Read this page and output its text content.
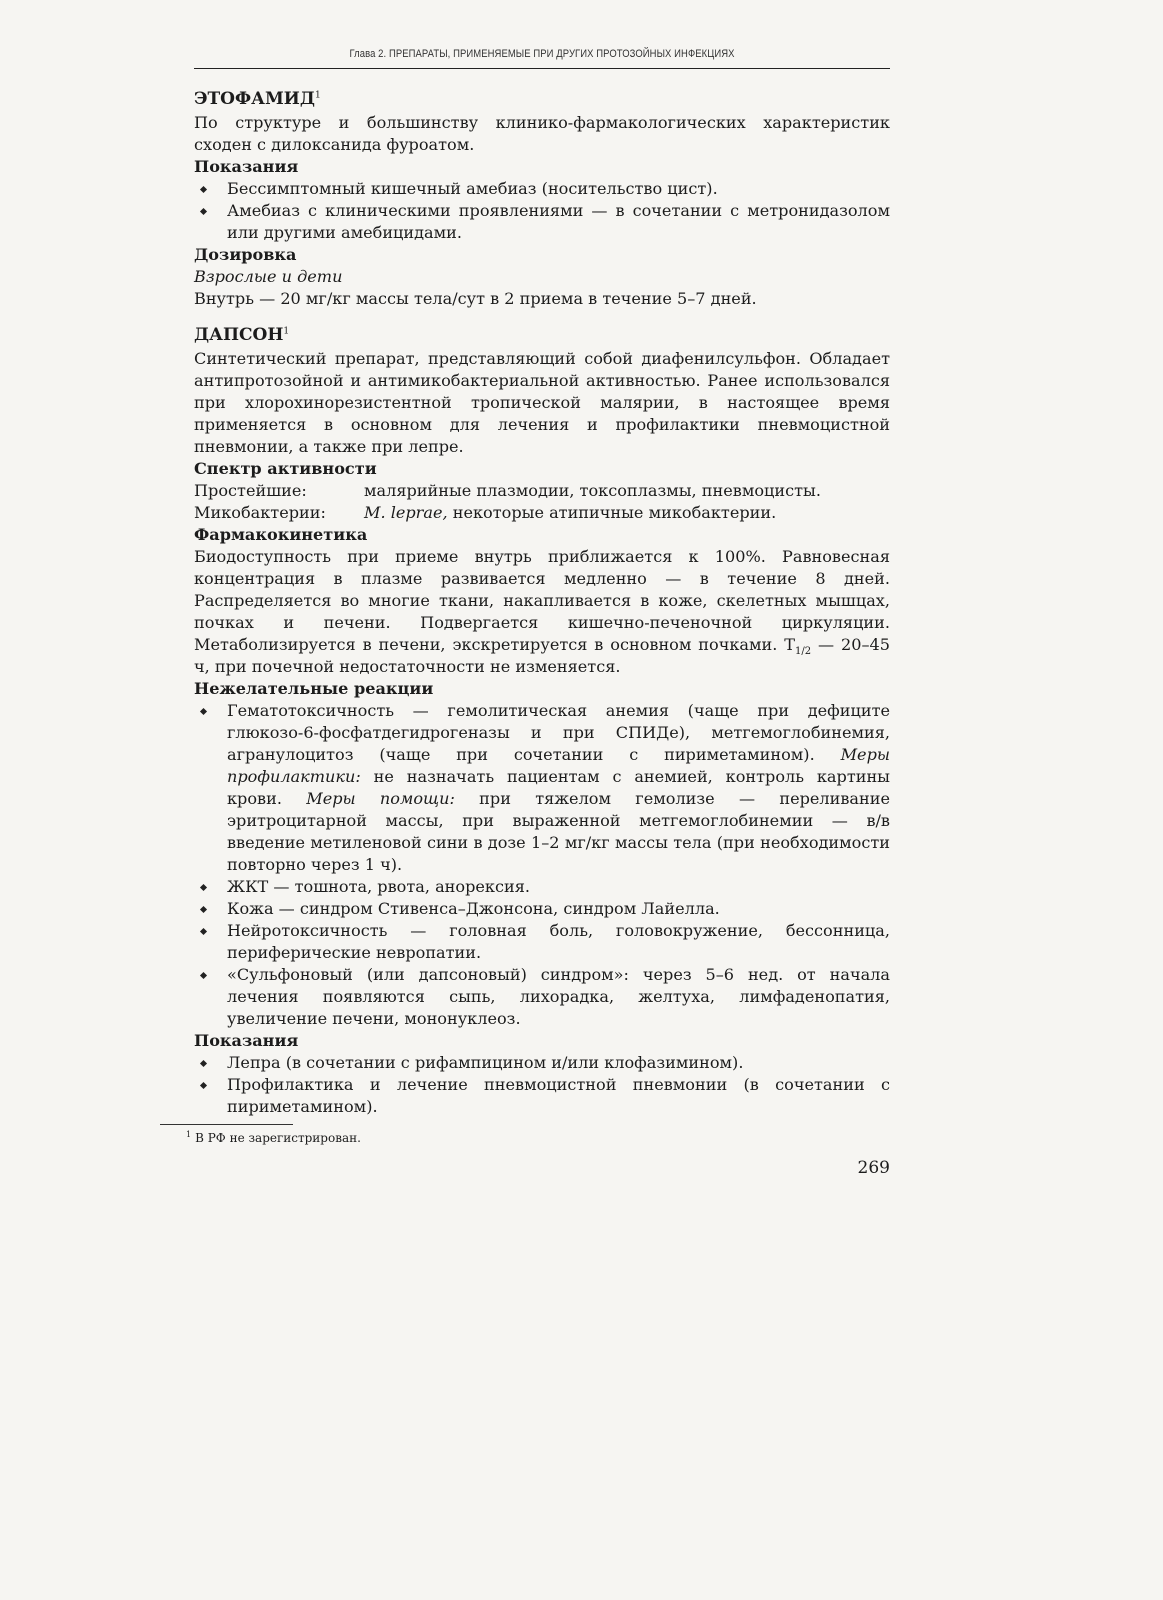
Глава 2. ПРЕПАРАТЫ, ПРИМЕНЯЕМЫЕ ПРИ ДРУГИХ ПРОТОЗОЙНЫХ ИНФЕКЦИЯХ
ЭТОФАМИД$^1$

По структуре и большинству клинико-фармакологических характеристик сходен с дилоксанида фуроатом.

Показания

Бессимптомный кишечный амебиаз (носительство цист).
Амебиаз с клиническими проявлениями — в сочетании с метронидазолом или другими амебицидами.

Дозировка

Взрослые и дети

Внутрь — 20 мг/кг массы тела/сут в 2 приема в течение 5–7 дней.

ДАПСОН$^1$

Синтетический препарат, представляющий собой диафенилсульфон. Обладает антипротозойной и антимикобактериальной активностью. Ранее использовался при хлорохинорезистентной тропической малярии, в настоящее время применяется в основном для лечения и профилактики пневмоцистной пневмонии, а также при лепре.

Спектр активности

Простейшие:	малярийные плазмодии, токсоплазмы, пневмоцисты.
Микобактерии:	M. leprae, некоторые атипичные микобактерии.

Фармакокинетика

Биодоступность при приеме внутрь приближается к 100%. Равновесная концентрация в плазме развивается медленно — в течение 8 дней. Распределяется во многие ткани, накапливается в коже, скелетных мышцах, почках и печени. Подвергается кишечно-печеночной циркуляции. Метаболизируется в печени, экскретируется в основном почками. $T_{1/2}$ — 20–45 ч, при почечной недостаточности не изменяется.

Нежелательные реакции

Гематотоксичность — гемолитическая анемия (чаще при дефиците глюкозо-6-фосфатдегидрогеназы и при СПИДе), метгемоглобинемия, агранулоцитоз (чаще при сочетании с пириметамином). Меры профилактики: не назначать пациентам с анемией, контроль картины крови. Меры помощи: при тяжелом гемолизе — переливание эритроцитарной массы, при выраженной метгемоглобинемии — в/в введение метиленовой сини в дозе 1–2 мг/кг массы тела (при необходимости повторно через 1 ч).
ЖКТ — тошнота, рвота, анорексия.
Кожа — синдром Стивенса–Джонсона, синдром Лайелла.
Нейротоксичность — головная боль, головокружение, бессонница, периферические невропатии.
«Сульфоновый (или дапсоновый) синдром»: через 5–6 нед. от начала лечения появляются сыпь, лихорадка, желтуха, лимфаденопатия, увеличение печени, мононуклеоз.

Показания

Лепра (в сочетании с рифампицином и/или клофазимином).
Профилактика и лечение пневмоцистной пневмонии (в сочетании с пириметамином).
$^1$ В РФ не зарегистрирован.
269
